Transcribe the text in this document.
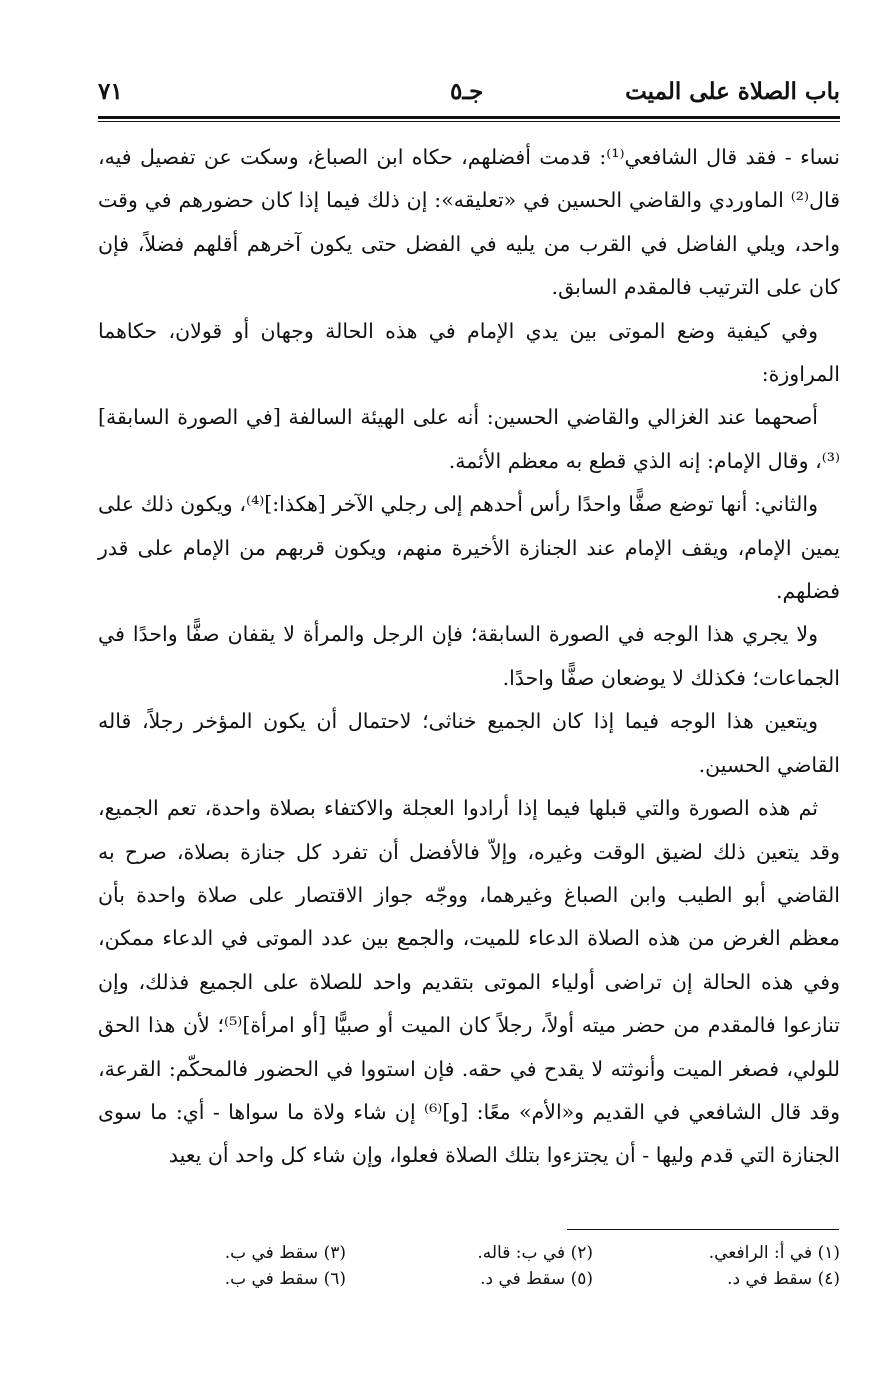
باب الصلاة على الميت
جـ٥
٧١

نساء - فقد قال الشافعي⁽¹⁾: قدمت أفضلهم، حكاه ابن الصباغ، وسكت عن تفصيل فيه، قال⁽²⁾ الماوردي والقاضي الحسين في «تعليقه»: إن ذلك فيما إذا كان حضورهم في وقت واحد، ويلي الفاضل في القرب من يليه في الفضل حتى يكون آخرهم أقلهم فضلاً، فإن كان على الترتيب فالمقدم السابق.

وفي كيفية وضع الموتى بين يدي الإمام في هذه الحالة وجهان أو قولان، حكاهما المراوزة:

أصحهما عند الغزالي والقاضي الحسين: أنه على الهيئة السالفة [في الصورة السابقة]⁽³⁾، وقال الإمام: إنه الذي قطع به معظم الأئمة.

والثاني: أنها توضع صفًّا واحدًا رأس أحدهم إلى رجلي الآخر [هكذا:]⁽⁴⁾، ويكون ذلك على يمين الإمام، ويقف الإمام عند الجنازة الأخيرة منهم، ويكون قربهم من الإمام على قدر فضلهم.

ولا يجري هذا الوجه في الصورة السابقة؛ فإن الرجل والمرأة لا يقفان صفًّا واحدًا في الجماعات؛ فكذلك لا يوضعان صفًّا واحدًا.

ويتعين هذا الوجه فيما إذا كان الجميع خناثى؛ لاحتمال أن يكون المؤخر رجلاً، قاله القاضي الحسين.

ثم هذه الصورة والتي قبلها فيما إذا أرادوا العجلة والاكتفاء بصلاة واحدة، تعم الجميع، وقد يتعين ذلك لضيق الوقت وغيره، وإلاّ فالأفضل أن تفرد كل جنازة بصلاة، صرح به القاضي أبو الطيب وابن الصباغ وغيرهما، ووجّه جواز الاقتصار على صلاة واحدة بأن معظم الغرض من هذه الصلاة الدعاء للميت، والجمع بين عدد الموتى في الدعاء ممكن، وفي هذه الحالة إن تراضى أولياء الموتى بتقديم واحد للصلاة على الجميع فذلك، وإن تنازعوا فالمقدم من حضر ميته أولاً، رجلاً كان الميت أو صبيًّا [أو امرأة]⁽⁵⁾؛ لأن هذا الحق للولي، فصغر الميت وأنوثته لا يقدح في حقه. فإن استووا في الحضور فالمحكّم: القرعة، وقد قال الشافعي في القديم و«الأم» معًا: [و]⁽⁶⁾ إن شاء ولاة ما سواها - أي: ما سوى الجنازة التي قدم وليها - أن يجتزءوا بتلك الصلاة فعلوا، وإن شاء كل واحد أن يعيد

(١) في أ: الرافعي.
(٢) في ب: قاله.
(٣) سقط في ب.
(٤) سقط في د.
(٥) سقط في د.
(٦) سقط في ب.
